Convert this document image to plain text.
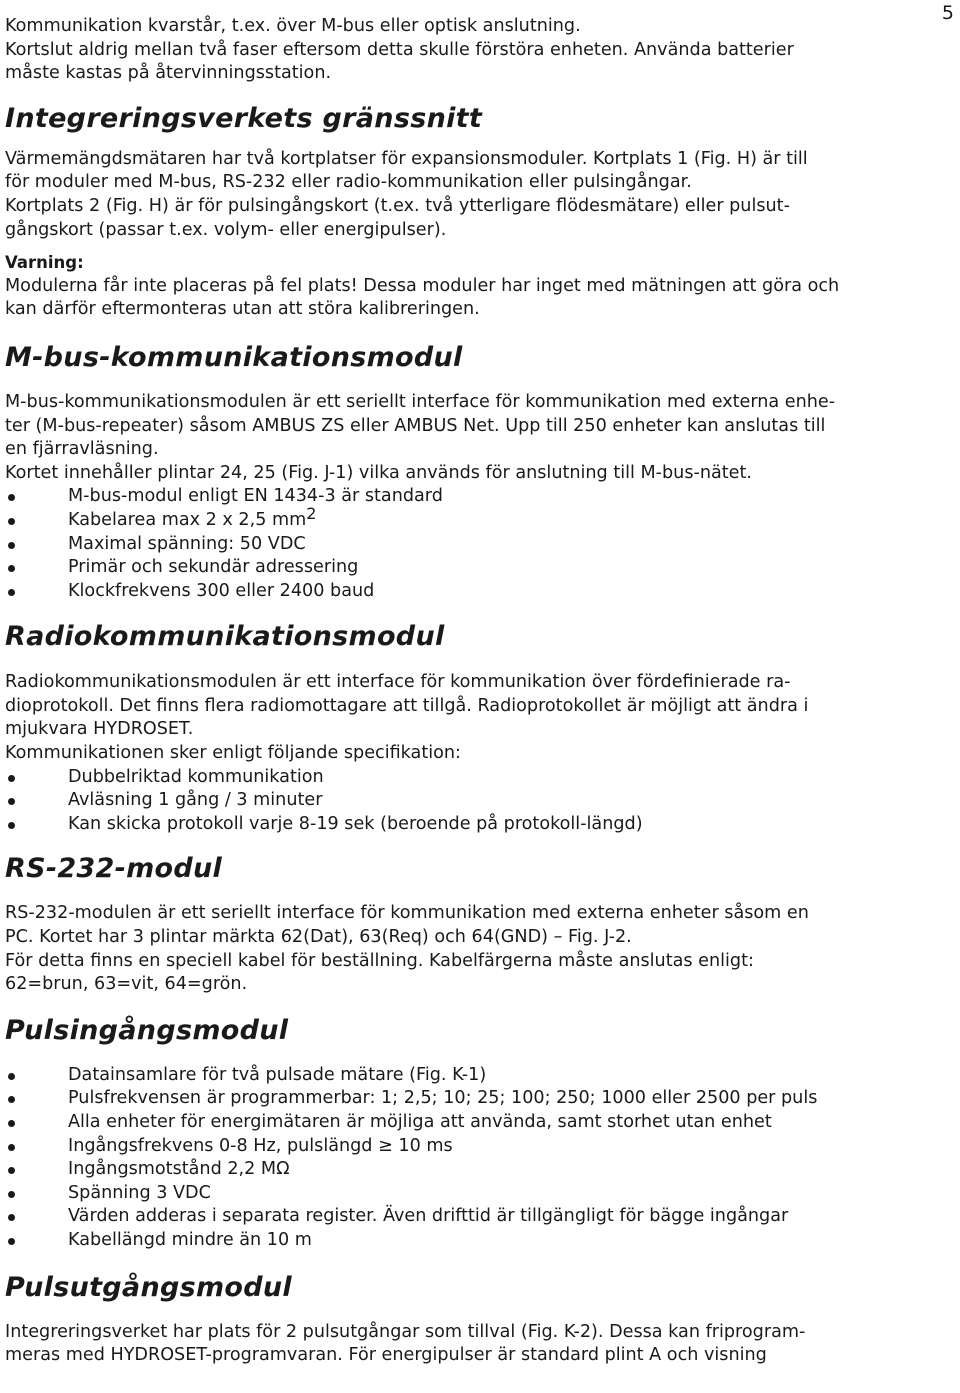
5

Kommunikation kvarstår, t.ex. över M-bus eller optisk anslutning.

Kortslut aldrig mellan två faser eftersom detta skulle förstöra enheten. Använda batterier

måste kastas på återvinningsstation.

Integreringsverkets gränssnitt

Värmemängdsmätaren har två kortplatser för expansionsmoduler. Kortplats 1 (Fig. H) är till

för moduler med M-bus, RS-232 eller radio-kommunikation eller pulsingångar.

Kortplats 2 (Fig. H) är för pulsingångskort (t.ex. två ytterligare flödesmätare) eller pulsut-

gångskort (passar t.ex. volym- eller energipulser).

Varning:

Modulerna får inte placeras på fel plats! Dessa moduler har inget med mätningen att göra och

kan därför eftermonteras utan att störa kalibreringen.

M-bus-kommunikationsmodul

M-bus-kommunikationsmodulen är ett seriellt interface för kommunikation med externa enhe-

ter (M-bus-repeater) såsom AMBUS ZS eller AMBUS Net. Upp till 250 enheter kan anslutas till

en fjärravläsning.

Kortet innehåller plintar 24, 25 (Fig. J-1) vilka används för anslutning till M-bus-nätet.

M-bus-modul enligt EN 1434-3 är standard
Kabelarea max 2 x 2,5 $mm^2$
Maximal spänning: 50 VDC
Primär och sekundär adressering
Klockfrekvens 300 eller 2400 baud
Radiokommunikationsmodul

Radiokommunikationsmodulen är ett interface för kommunikation över fördefinierade ra-

dioprotokoll. Det finns flera radiomottagare att tillgå. Radioprotokollet är möjligt att ändra i

mjukvara HYDROSET.

Kommunikationen sker enligt följande specifikation:

Dubbelriktad kommunikation
Avläsning 1 gång / 3 minuter
Kan skicka protokoll varje 8-19 sek (beroende på protokoll-längd)
RS-232-modul

RS-232-modulen är ett seriellt interface för kommunikation med externa enheter såsom en

PC. Kortet har 3 plintar märkta 62(Dat), 63(Req) och 64(GND) – Fig. J-2.

För detta finns en speciell kabel för beställning. Kabelfärgerna måste anslutas enligt:

62=brun, 63=vit, 64=grön.

Pulsingångsmodul
Datainsamlare för två pulsade mätare (Fig. K-1)
Pulsfrekvensen är programmerbar: 1; 2,5; 10; 25; 100; 250; 1000 eller 2500 per puls
Alla enheter för energimätaren är möjliga att använda, samt storhet utan enhet
Ingångsfrekvens 0-8 Hz, pulslängd ≥ 10 ms
Ingångsmotstånd 2,2 MΩ
Spänning 3 VDC
Värden adderas i separata register. Även drifttid är tillgängligt för bägge ingångar
Kabellängd mindre än 10 m
Pulsutgångsmodul

Integreringsverket har plats för 2 pulsutgångar som tillval (Fig. K-2). Dessa kan friprogram-

meras med HYDROSET-programvaran. För energipulser är standard plint A och visning
